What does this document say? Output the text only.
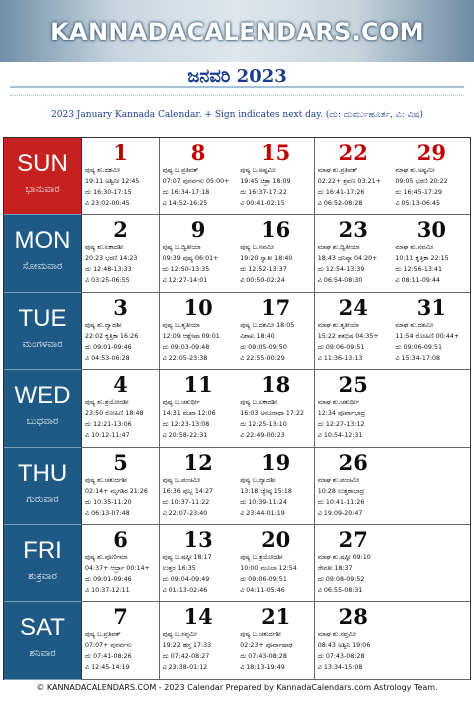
KANNADACALENDARS.COM
ಜನವರಿ 2023
2023 January Kannada Calendar. + Sign indicates next day. (ದು: ದುರ್ಮುಹೂರ್ತ, ವಿ: ವಿಷ)
SUN
ಭಾನುವಾರ
1
ಪುಷ್ಯ ಶು.ದಶಮೀ
19:11 ಅಶ್ವಿನೀ 12:45
ದು 16:30-17:15
ವಿ 23:02-00:45
8
ಪುಷ್ಯ ಬ.ಪ್ರತಿಪತ್
07:07 ಪುನರ್ವಸು 05:00+
ದು 16:34-17:18
ವಿ 14:52-16:25
15
ಪುಷ್ಯ ಬ.ಅಷ್ಟಮೀ
19:45 ಚಿತ್ರಾ 18:09
ದು 16:37-17:22
ವಿ 00:41-02:15
22
ಮಾಘ ಶು.ಪ್ರತಿಪತ್
02:22+ ಶ್ರವಣ 03:21+
ದು 16:41-17:26
ವಿ 06:52-08:28
29
ಮಾಘ ಶು.ಅಷ್ಟಮೀ
09:05 ಭರಣಿ 20:22
ದು 16:45-17:29
ವಿ 05:13-06:45
MON
ಸೋಮವಾರ
2
ಪುಷ್ಯ ಶು.ಏಕಾದಶೀ
20:23 ಭರಣಿ 14:23
ದು 12:48-13:33
ವಿ 03:25-06:55
9
ಪುಷ್ಯ ಬ.ದ್ವಿತೀಯಾ
09:39 ಪುಷ್ಯ 06:01+
ದು 12:50-13:35
ವಿ 12:27-14:01
16
ಪುಷ್ಯ ಬ.ನವಮೀ
19:20 ಸ್ವಾತೀ 18:40
ದು 12:52-13:37
ವಿ 00:50-02:24
23
ಮಾಘ ಶು.ದ್ವಿತೀಯಾ
18:43 ಧನಿಷ್ಠಾ 04:20+
ದು 12:54-13:39
ವಿ 06:54-08:30
30
ಮಾಘ ಶು.ನವಮೀ
10:11 ಕೃತ್ತಿಕಾ 22:15
ದು 12:56-13:41
ವಿ 08:11-09:44
TUE
ಮಂಗಳವಾರ
3
ಪುಷ್ಯ ಶು.ದ್ವಾದಶೀ
22:02 ಕೃತ್ತಿಕಾ 16:26
ದು 09:01-09:46
ವಿ 04:53-06:28
10
ಪುಷ್ಯ ಬ.ತೃತೀಯಾ
12:09 ಆಶ್ಲೇಷಾ 09:01
ದು 09:03-09:48
ವಿ 22:05-23:38
17
ಪುಷ್ಯ ಬ.ದಶಮೀ 18:05
ವಿಶಾಖ 18:40
ದು 09:05-09:50
ವಿ 22:55-00:29
24
ಮಾಘ ಶು.ತೃತೀಯಾ
15:22 ಶತಭಿಷ 04:35+
ದು 09:06-09:51
ವಿ 11:36-13:13
31
ಮಾಘ ಶು.ದಶಮೀ
11:54 ರೋಹಿಣಿ 00:44+
ದು 09:06-09:51
ವಿ 15:34-17:08
WED
ಬುಧವಾರ
4
ಪುಷ್ಯ ಶು.ತ್ರಯೋದಶೀ
23:50 ರೋಹಿಣಿ 18:48
ದು 12:21-13:06
ವಿ 10:12-11:47
11
ಪುಷ್ಯ ಬ.ಚತುರ್ಥೀ
14:31 ಮಖಾ 12:06
ದು 12:23-13:08
ವಿ 20:58-22:31
18
ಪುಷ್ಯ ಬ.ಏಕಾದಶೀ
16:03 ಅನೂರಾಧಾ 17:22
ದು 12:25-13:10
ವಿ 22:49-00:23
25
ಮಾಘ ಶು.ಚತುರ್ಥೀ
12:34 ಪೂರ್ವಾಭಾದ್ರ
ದು 12:27-13:12
ವಿ 10:54-12:31
THU
ಗುರುವಾರ
5
ಪುಷ್ಯ ಶು.ಚತುರ್ದಶೀ
02:14+ ಮೃಗಶಿರ 21:26
ದು 10:35-11:20
ವಿ 06:13-07:48
12
ಪುಷ್ಯ ಬ.ಪಂಚಮೀ
16:36 ಪುಬ್ಬ 14:27
ದು 10:37-11:22
ವಿ 22:07-23:40
19
ಪುಷ್ಯ ಬ.ದ್ವಾದಶೀ
13:18 ಜ್ಯೇಷ್ಠ 15:18
ದು 10:39-11:24
ವಿ 23:44-01:19
26
ಮಾಘ ಶು.ಪಂಚಮೀ
10:28 ಉತ್ತರಾಭಾದ್ರ
ದು 10:41-11:26
ವಿ 19:09-20:47
FRI
ಶುಕ್ರವಾರ
6
ಪುಷ್ಯ ಶು.ಪೂರ್ಣಿಮಾ
04:37+ ಆರ್ದ್ರಾ 00:14+
ದು 09:01-09:46
ವಿ 10:37-12:11
13
ಪುಷ್ಯ ಬ.ಷಷ್ಠೀ 18:17
ಉತ್ತರ 16:35
ದು 09:04-09:49
ವಿ 01:13-02:46
20
ಪುಷ್ಯ ಬ.ತ್ರಯೋದಶೀ
10:00 ಮೂಲಾ 12:54
ದು 09:06-09:51
ವಿ 04:11-05:46
27
ಮಾಘ ಶು.ಷಷ್ಠೀ 09:10
ರೇವತೀ 18:37
ದು 09:08-09:52
ವಿ 06:55-08:31
SAT
ಶನಿವಾರ
7
ಪುಷ್ಯ ಬ.ಪ್ರತಿಪತ್
07:07+ ಪುನರ್ವಸು
ದು 07:41-08:26
ವಿ 12:45-14:19
14
ಪುಷ್ಯ ಬ.ಸಪ್ತಮೀ
19:22 ಹಸ್ತ 17:33
ದು 07:42-08:27
ವಿ 23:38-01:12
21
ಪುಷ್ಯ ಬ.ಚತುರ್ದಶೀ
02:23+ ಪೂರ್ವಾಷಾಢ
ದು 07:43-08:28
ವಿ 18:13-19:49
28
ಮಾಘ ಶು.ಸಪ್ತಮೀ
08:43 ಅಶ್ವಿನಿ 19:06
ದು 07:43-08:28
ವಿ 13:34-15:08
© KANNADACALENDARS.COM - 2023 Calendar Prepared by KannadaCalendars.com Astrology Team.
